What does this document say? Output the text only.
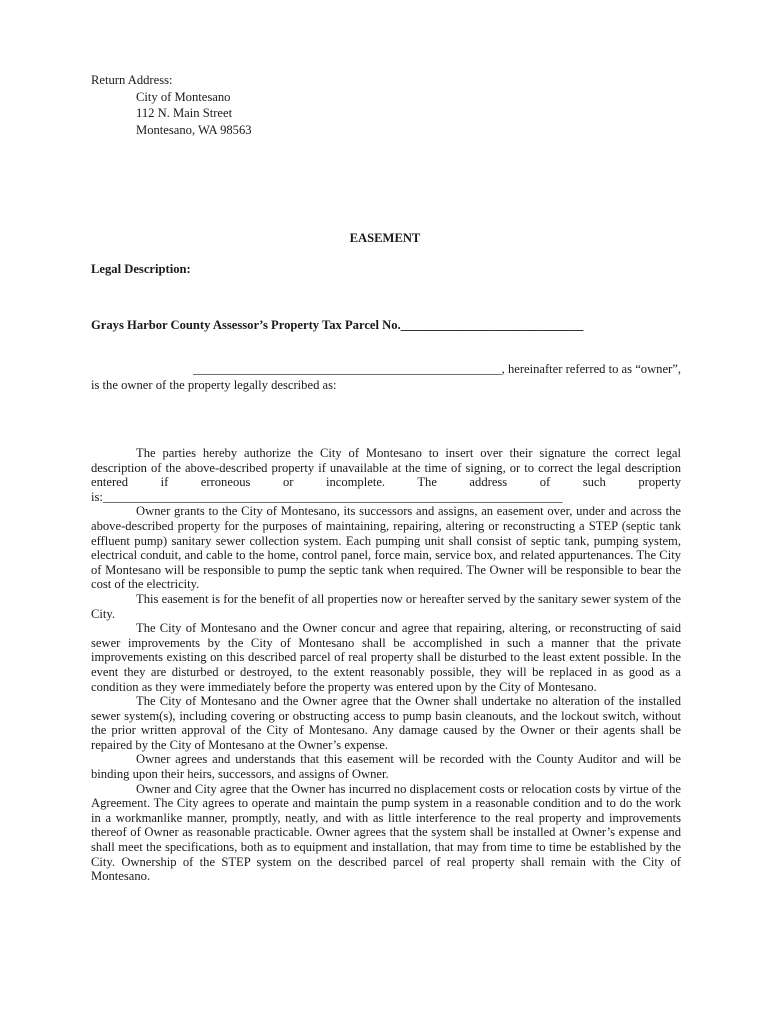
Return Address:
City of Montesano
112 N. Main Street
Montesano, WA 98563
EASEMENT
Legal Description:
Grays Harbor County Assessor’s Property Tax Parcel No._____________________________
_________________________________________________, hereinafter referred to as “owner”,
is the owner of the property legally described as:

The parties hereby authorize the City of Montesano to insert over their signature the correct legal description of the above-described property if unavailable at the time of signing, or to correct the legal description entered if erroneous or incomplete. The address of such property is:_________________________________________________________________________

Owner grants to the City of Montesano, its successors and assigns, an easement over, under and across the above-described property for the purposes of maintaining, repairing, altering or reconstructing a STEP (septic tank effluent pump) sanitary sewer collection system. Each pumping unit shall consist of septic tank, pumping system, electrical conduit, and cable to the home, control panel, force main, service box, and related appurtenances. The City of Montesano will be responsible to pump the septic tank when required. The Owner will be responsible to bear the cost of the electricity.

This easement is for the benefit of all properties now or hereafter served by the sanitary sewer system of the City.

The City of Montesano and the Owner concur and agree that repairing, altering, or reconstructing of said sewer improvements by the City of Montesano shall be accomplished in such a manner that the private improvements existing on this described parcel of real property shall be disturbed to the least extent possible. In the event they are disturbed or destroyed, to the extent reasonably possible, they will be replaced in as good as a condition as they were immediately before the property was entered upon by the City of Montesano.

The City of Montesano and the Owner agree that the Owner shall undertake no alteration of the installed sewer system(s), including covering or obstructing access to pump basin cleanouts, and the lockout switch, without the prior written approval of the City of Montesano. Any damage caused by the Owner or their agents shall be repaired by the City of Montesano at the Owner’s expense.

Owner agrees and understands that this easement will be recorded with the County Auditor and will be binding upon their heirs, successors, and assigns of Owner.

Owner and City agree that the Owner has incurred no displacement costs or relocation costs by virtue of the Agreement. The City agrees to operate and maintain the pump system in a reasonable condition and to do the work in a workmanlike manner, promptly, neatly, and with as little interference to the real property and improvements thereof of Owner as reasonable practicable. Owner agrees that the system shall be installed at Owner’s expense and shall meet the specifications, both as to equipment and installation, that may from time to time be established by the City. Ownership of the STEP system on the described parcel of real property shall remain with the City of Montesano.
